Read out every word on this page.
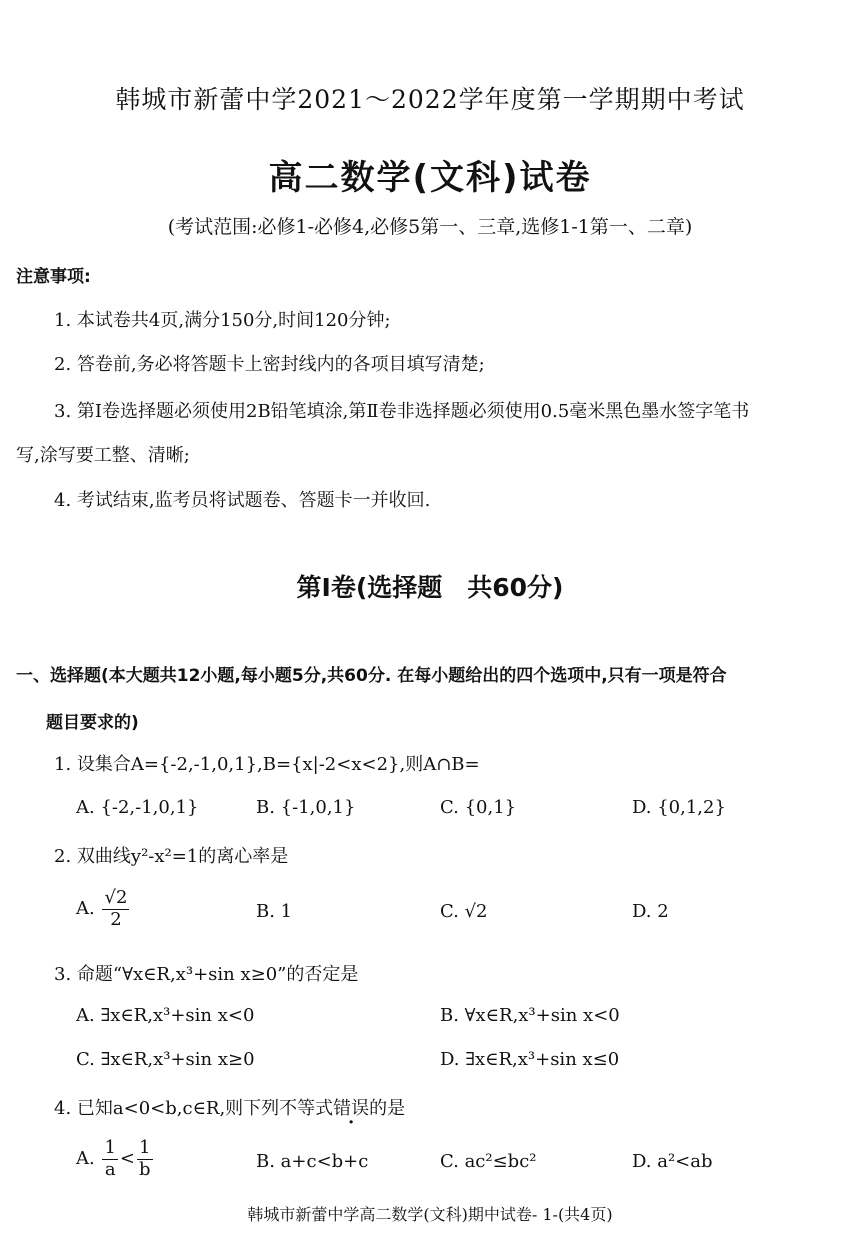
韩城市新蕾中学2021～2022学年度第一学期期中考试
高二数学(文科)试卷
(考试范围:必修1-必修4,必修5第一、三章,选修1-1第一、二章)
注意事项:
1. 本试卷共4页,满分150分,时间120分钟;
2. 答卷前,务必将答题卡上密封线内的各项目填写清楚;
3. 第Ⅰ卷选择题必须使用2B铅笔填涂,第Ⅱ卷非选择题必须使用0.5毫米黑色墨水签字笔书
写,涂写要工整、清晰;
4. 考试结束,监考员将试题卷、答题卡一并收回.
第Ⅰ卷(选择题　共60分)
一、选择题(本大题共12小题,每小题5分,共60分. 在每小题给出的四个选项中,只有一项是符合
题目要求的)
1. 设集合A={-2,-1,0,1},B={x|-2<x<2},则A∩B=
A. {-2,-1,0,1}	B. {-1,0,1}	C. {0,1}	D. {0,1,2}
2. 双曲线y²-x²=1的离心率是
A. $\frac{√2}{2}$	B. 1	C. √2	D. 2
3. 命题“∀x∈R,x³+sin x≥0”的否定是
A. ∃x∈R,x³+sin x<0	B. ∀x∈R,x³+sin x<0
C. ∃x∈R,x³+sin x≥0	D. ∃x∈R,x³+sin x≤0
4. 已知a<0<b,c∈R,则下列不等式错误的是
A. $\frac{1}{a} < \frac{1}{b}$	B. a+c<b+c	C. ac²≤bc²	D. a²<ab
韩城市新蕾中学高二数学(文科)期中试卷- 1-(共4页)
